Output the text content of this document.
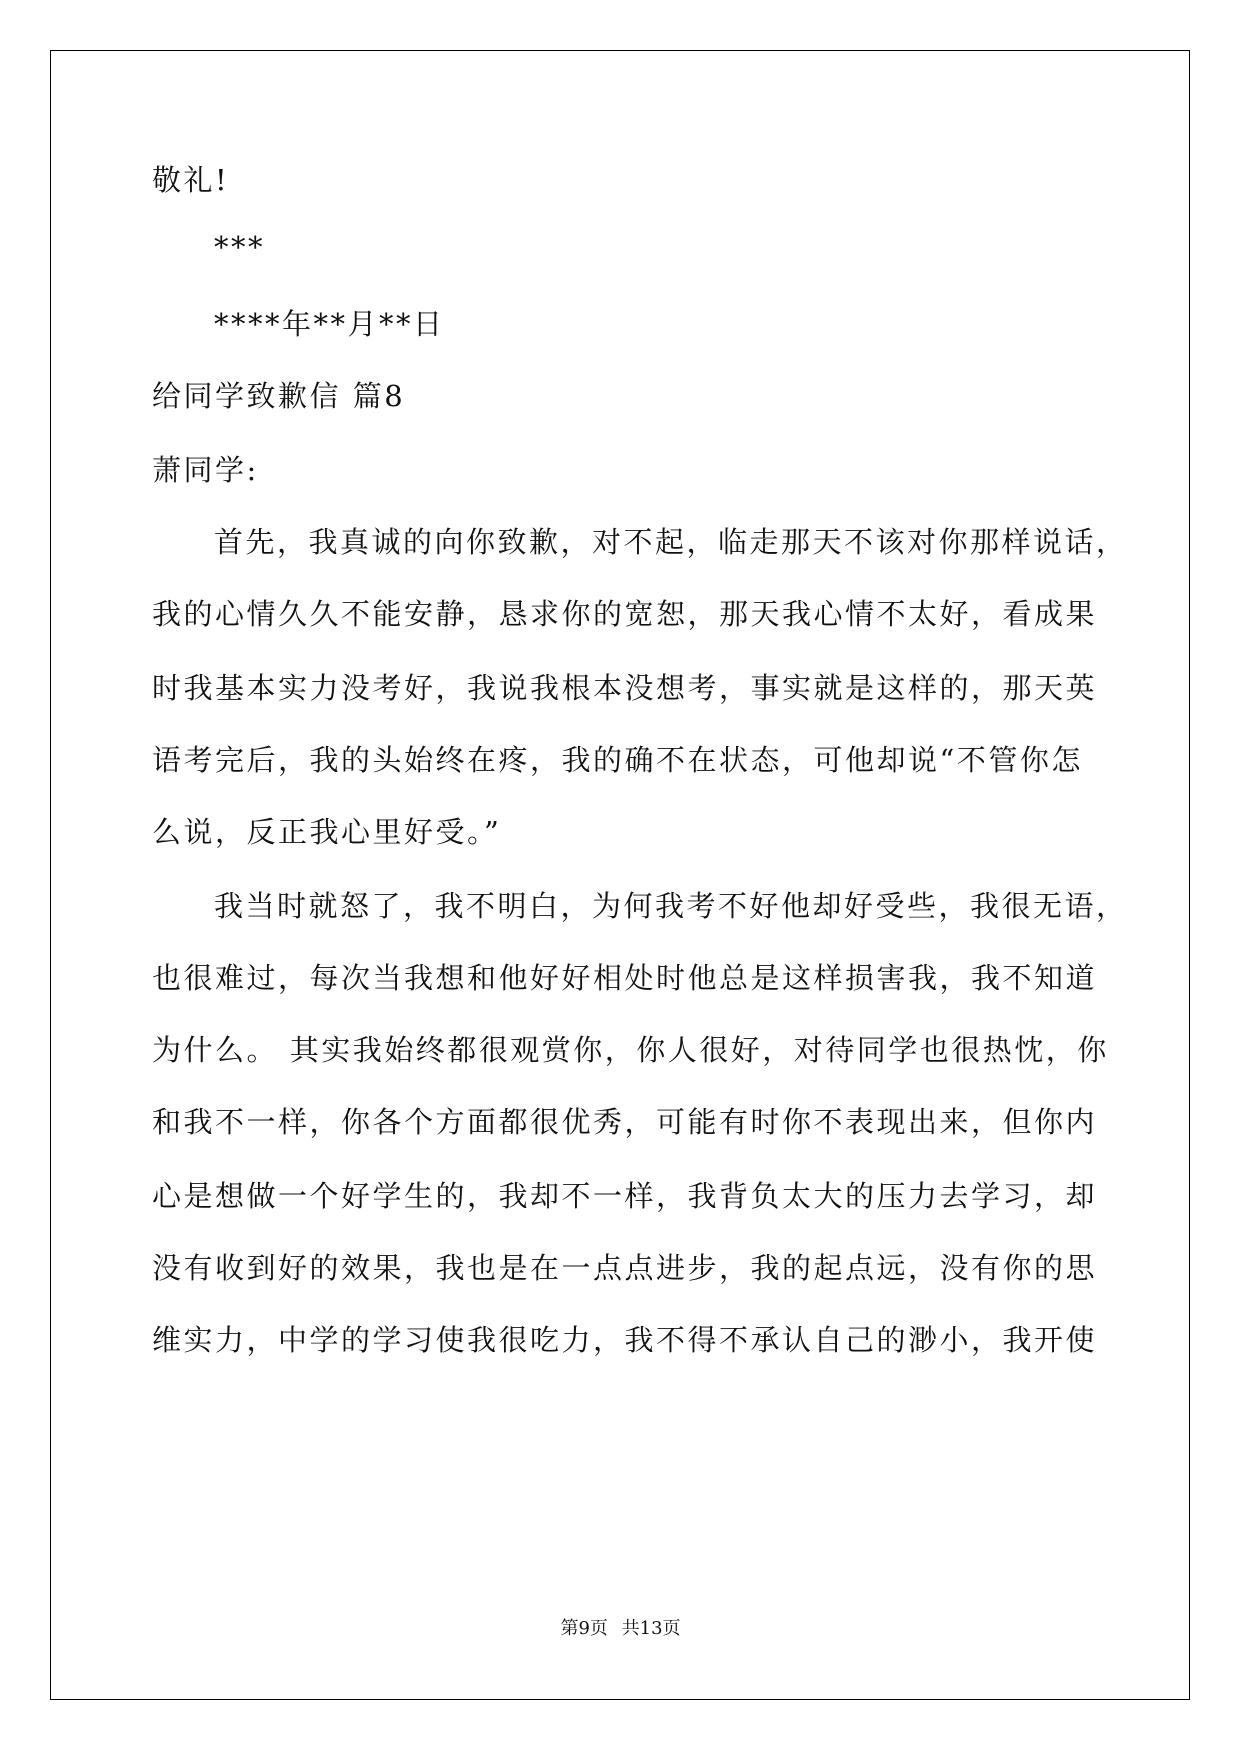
敬礼!
***
****年**月**日
给同学致歉信 篇8
萧同学:
首先，我真诚的向你致歉，对不起，临走那天不该对你那样说话，
我的心情久久不能安静，恳求你的宽恕，那天我心情不太好，看成果
时我基本实力没考好，我说我根本没想考，事实就是这样的，那天英
语考完后，我的头始终在疼，我的确不在状态，可他却说“不管你怎
么说，反正我心里好受。”
我当时就怒了，我不明白，为何我考不好他却好受些，我很无语，
也很难过，每次当我想和他好好相处时他总是这样损害我，我不知道
为什么。 其实我始终都很观赏你，你人很好，对待同学也很热忱，你
和我不一样，你各个方面都很优秀，可能有时你不表现出来，但你内
心是想做一个好学生的，我却不一样，我背负太大的压力去学习，却
没有收到好的效果，我也是在一点点进步，我的起点远，没有你的思
维实力，中学的学习使我很吃力，我不得不承认自己的渺小，我开使
第9页 共13页
